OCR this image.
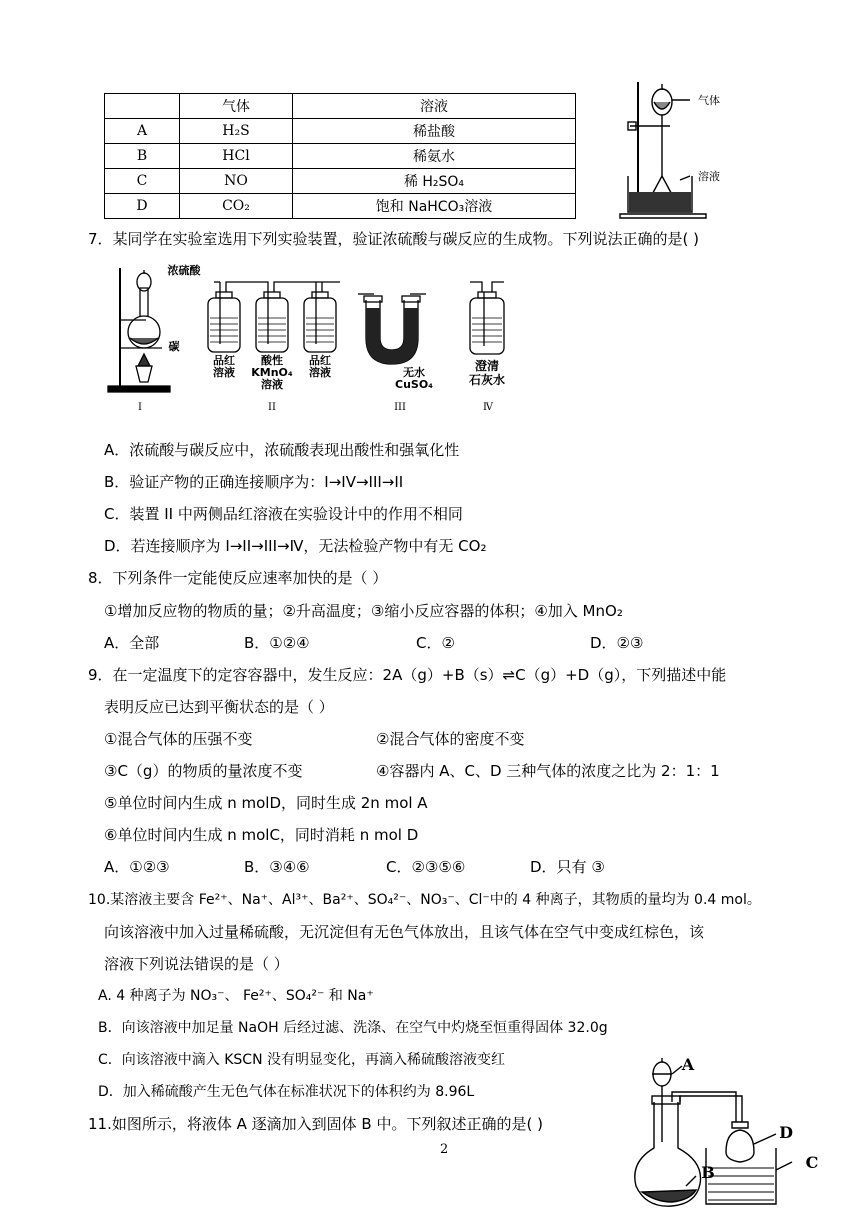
	气体	溶液
A	H₂S	稀盐酸
B	HCl	稀氨水
C	NO	稀 H₂SO₄
D	CO₂	饱和 NaHCO₃溶液
气体
溶液
7．某同学在实验室选用下列实验装置，验证浓硫酸与碳反应的生成物。下列说法正确的是( )
浓硫酸
碳
品红溶液
酸性 KMnO₄ 溶液
品红溶液	无水
CuSO₄
澄清
石灰水
I	II	III	Ⅳ
A．浓硫酸与碳反应中，浓硫酸表现出酸性和强氧化性
B．验证产物的正确连接顺序为：I→IV→III→II
C．装置 II 中两侧品红溶液在实验设计中的作用不相同
D．若连接顺序为 I→II→III→Ⅳ，无法检验产物中有无 CO₂
8．下列条件一定能使反应速率加快的是（ ）
①增加反应物的物质的量；②升高温度；③缩小反应容器的体积；④加入 MnO₂
A．全部	B．①②④	C．②	D．②③
9．在一定温度下的定容容器中，发生反应：2A（g）+B（s）⇌C（g）+D（g），下列描述中能
表明反应已达到平衡状态的是（ ）
①混合气体的压强不变	②混合气体的密度不变
③C（g）的物质的量浓度不变	④容器内 A、C、D 三种气体的浓度之比为 2：1：1
⑤单位时间内生成 n molD，同时生成 2n mol A
⑥单位时间内生成 n molC，同时消耗 n mol D
A．①②③	B．③④⑥	C．②③⑤⑥	D．只有 ③
10.某溶液主要含 Fe²⁺、Na⁺、Al³⁺、Ba²⁺、SO₄²⁻、NO₃⁻、Cl⁻中的 4 种离子，其物质的量均为 0.4 mol。
向该溶液中加入过量稀硫酸，无沉淀但有无色气体放出，且该气体在空气中变成红棕色，该
溶液下列说法错误的是（ ）
A. 4 种离子为 NO₃⁻、 Fe²⁺、SO₄²⁻ 和 Na⁺
B．向该溶液中加足量 NaOH 后经过滤、洗涤、在空气中灼烧至恒重得固体 32.0g
C．向该溶液中滴入 KSCN 没有明显变化，再滴入稀硫酸溶液变红
D．加入稀硫酸产生无色气体在标准状况下的体积约为 8.96L
11.如图所示，将液体 A 逐滴加入到固体 B 中。下列叙述正确的是( )
A
B
C
D
2
